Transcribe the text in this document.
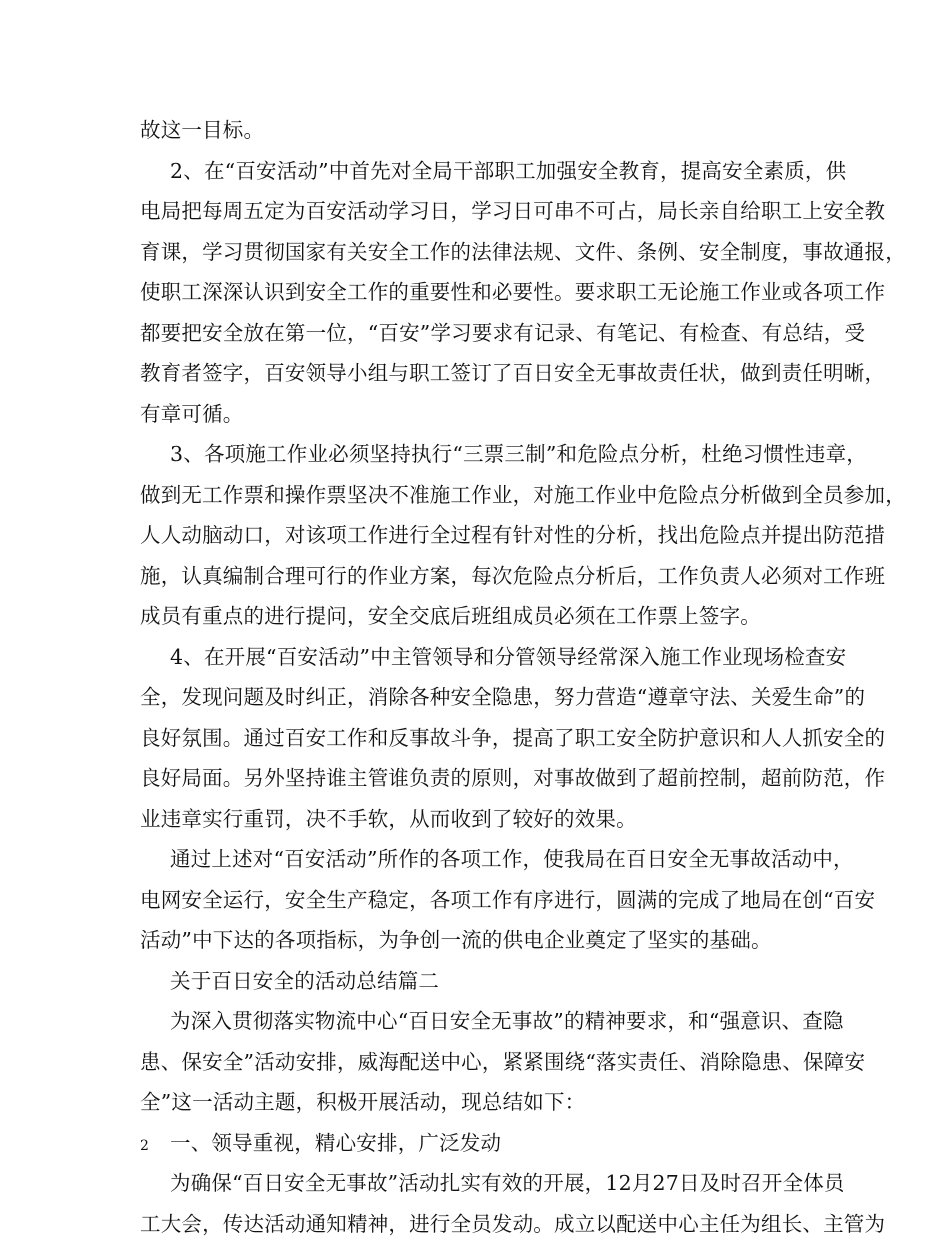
故这一目标。
2、在“百安活动”中首先对全局干部职工加强安全教育，提高安全素质，供
电局把每周五定为百安活动学习日，学习日可串不可占，局长亲自给职工上安全教
育课，学习贯彻国家有关安全工作的法律法规、文件、条例、安全制度，事故通报，
使职工深深认识到安全工作的重要性和必要性。要求职工无论施工作业或各项工作
都要把安全放在第一位，“百安”学习要求有记录、有笔记、有检查、有总结，受
教育者签字，百安领导小组与职工签订了百日安全无事故责任状，做到责任明晰，
有章可循。
3、各项施工作业必须坚持执行“三票三制”和危险点分析，杜绝习惯性违章，
做到无工作票和操作票坚决不准施工作业，对施工作业中危险点分析做到全员参加，
人人动脑动口，对该项工作进行全过程有针对性的分析，找出危险点并提出防范措
施，认真编制合理可行的作业方案，每次危险点分析后，工作负责人必须对工作班
成员有重点的进行提问，安全交底后班组成员必须在工作票上签字。
4、在开展“百安活动”中主管领导和分管领导经常深入施工作业现场检查安
全，发现问题及时纠正，消除各种安全隐患，努力营造“遵章守法、关爱生命”的
良好氛围。通过百安工作和反事故斗争，提高了职工安全防护意识和人人抓安全的
良好局面。另外坚持谁主管谁负责的原则，对事故做到了超前控制，超前防范，作
业违章实行重罚，决不手软，从而收到了较好的效果。
通过上述对“百安活动”所作的各项工作，使我局在百日安全无事故活动中，
电网安全运行，安全生产稳定，各项工作有序进行，圆满的完成了地局在创“百安
活动”中下达的各项指标，为争创一流的供电企业奠定了坚实的基础。
关于百日安全的活动总结篇二
为深入贯彻落实物流中心“百日安全无事故”的精神要求，和“强意识、查隐
患、保安全”活动安排，威海配送中心，紧紧围绕“落实责任、消除隐患、保障安
全”这一活动主题，积极开展活动，现总结如下：
一、领导重视，精心安排，广泛发动
为确保“百日安全无事故”活动扎实有效的开展，12月27日及时召开全体员
工大会，传达活动通知精神，进行全员发动。成立以配送中心主任为组长、主管为
2
